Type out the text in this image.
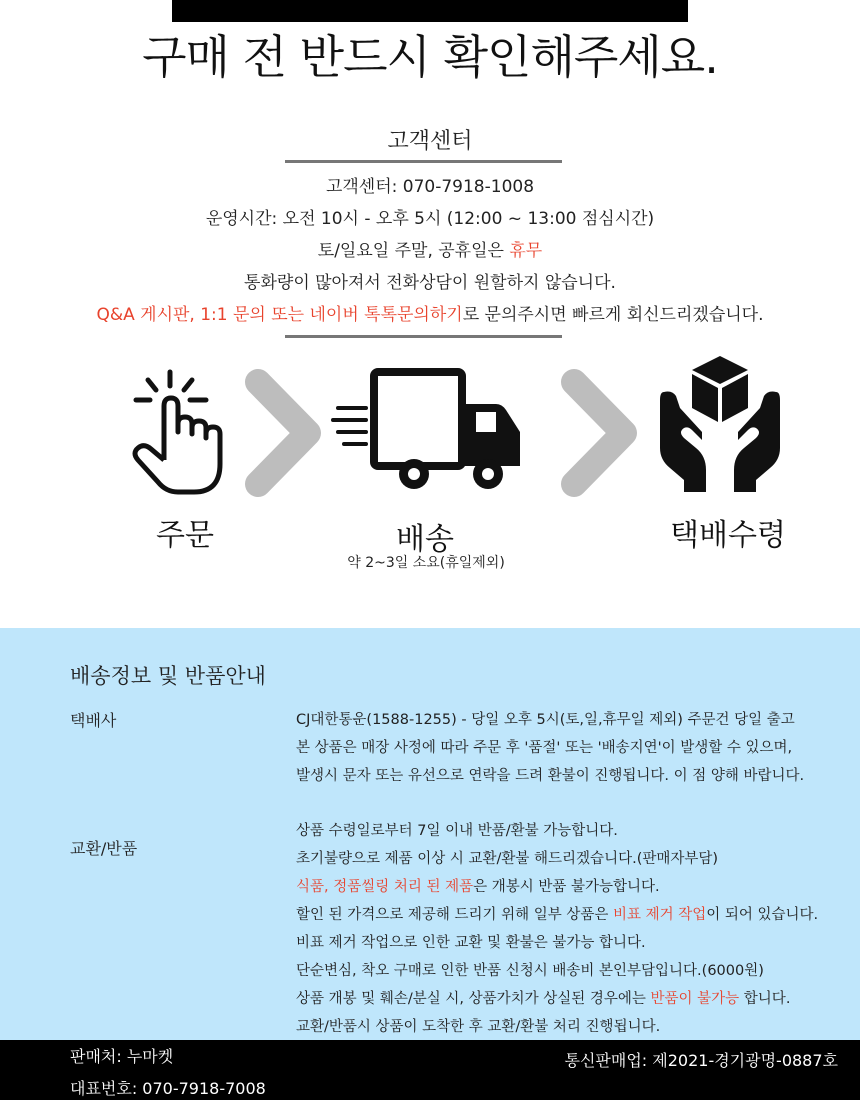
구매 전 반드시 확인해주세요.
고객센터
고객센터: 070-7918-1008
운영시간: 오전 10시 - 오후 5시 (12:00 ~ 13:00 점심시간)
토/일요일 주말, 공휴일은 휴무
통화량이 많아져서 전화상담이 원할하지 않습니다.
Q&A 게시판, 1:1 문의 또는 네이버 톡톡문의하기로 문의주시면 빠르게 회신드리겠습니다.
주문	배송
약 2~3일 소요(휴일제외)
택배수령
배송정보 및 반품안내
택배사	CJ대한통운(1588-1255) - 당일 오후 5시(토,일,휴무일 제외) 주문건 당일 출고
본 상품은 매장 사정에 따라 주문 후 '품절' 또는 '배송지연'이 발생할 수 있으며,
발생시 문자 또는 유선으로 연락을 드려 환불이 진행됩니다. 이 점 양해 바랍니다.
교환/반품
상품 수령일로부터 7일 이내 반품/환불 가능합니다.
초기불량으로 제품 이상 시 교환/환불 해드리겠습니다.(판매자부담)
식품, 정품씰링 처리 된 제품은 개봉시 반품 불가능합니다.
할인 된 가격으로 제공해 드리기 위해 일부 상품은 비표 제거 작업이 되어 있습니다.
비표 제거 작업으로 인한 교환 및 환불은 불가능 합니다.
단순변심, 착오 구매로 인한 반품 신청시 배송비 본인부담입니다.(6000원)
상품 개봉 및 훼손/분실 시, 상품가치가 상실된 경우에는 반품이 불가능 합니다.
교환/반품시 상품이 도착한 후 교환/환불 처리 진행됩니다.
판매처: 누마켓
대표번호: 070-7918-7008
통신판매업: 제2021-경기광명-0887호
